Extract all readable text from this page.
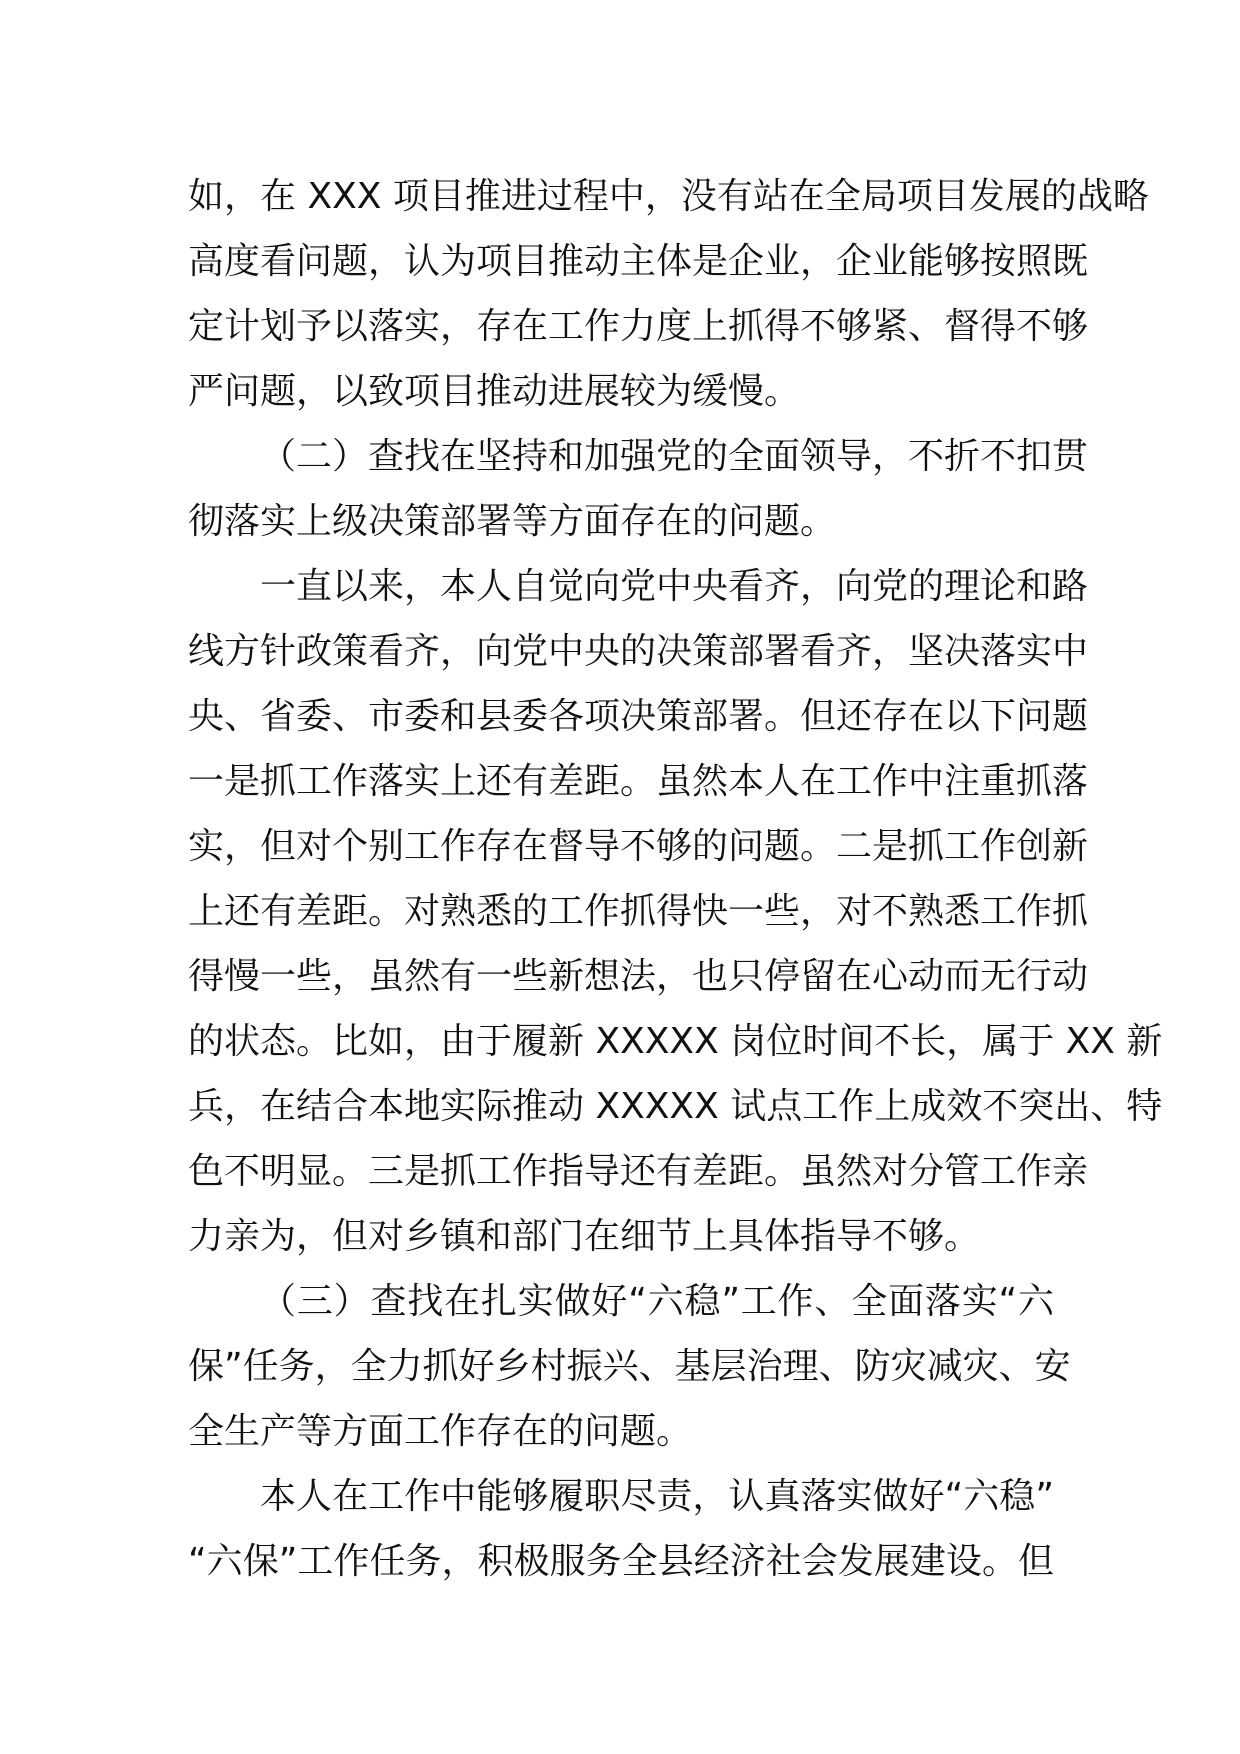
如，在 XXX 项目推进过程中，没有站在全局项目发展的战略
高度看问题，认为项目推动主体是企业，企业能够按照既
定计划予以落实，存在工作力度上抓得不够紧、督得不够
严问题，以致项目推动进展较为缓慢。
（二）查找在坚持和加强党的全面领导，不折不扣贯
彻落实上级决策部署等方面存在的问题。
一直以来，本人自觉向党中央看齐，向党的理论和路
线方针政策看齐，向党中央的决策部署看齐，坚决落实中
央、省委、市委和县委各项决策部署。但还存在以下问题
一是抓工作落实上还有差距。虽然本人在工作中注重抓落
实，但对个别工作存在督导不够的问题。二是抓工作创新
上还有差距。对熟悉的工作抓得快一些，对不熟悉工作抓
得慢一些，虽然有一些新想法，也只停留在心动而无行动
的状态。比如，由于履新 XXXXX 岗位时间不长，属于 XX 新
兵，在结合本地实际推动 XXXXX 试点工作上成效不突出、特
色不明显。三是抓工作指导还有差距。虽然对分管工作亲
力亲为，但对乡镇和部门在细节上具体指导不够。
（三）查找在扎实做好“六稳”工作、全面落实“六
保”任务，全力抓好乡村振兴、基层治理、防灾减灾、安
全生产等方面工作存在的问题。
本人在工作中能够履职尽责，认真落实做好“六稳”
“六保”工作任务，积极服务全县经济社会发展建设。但
